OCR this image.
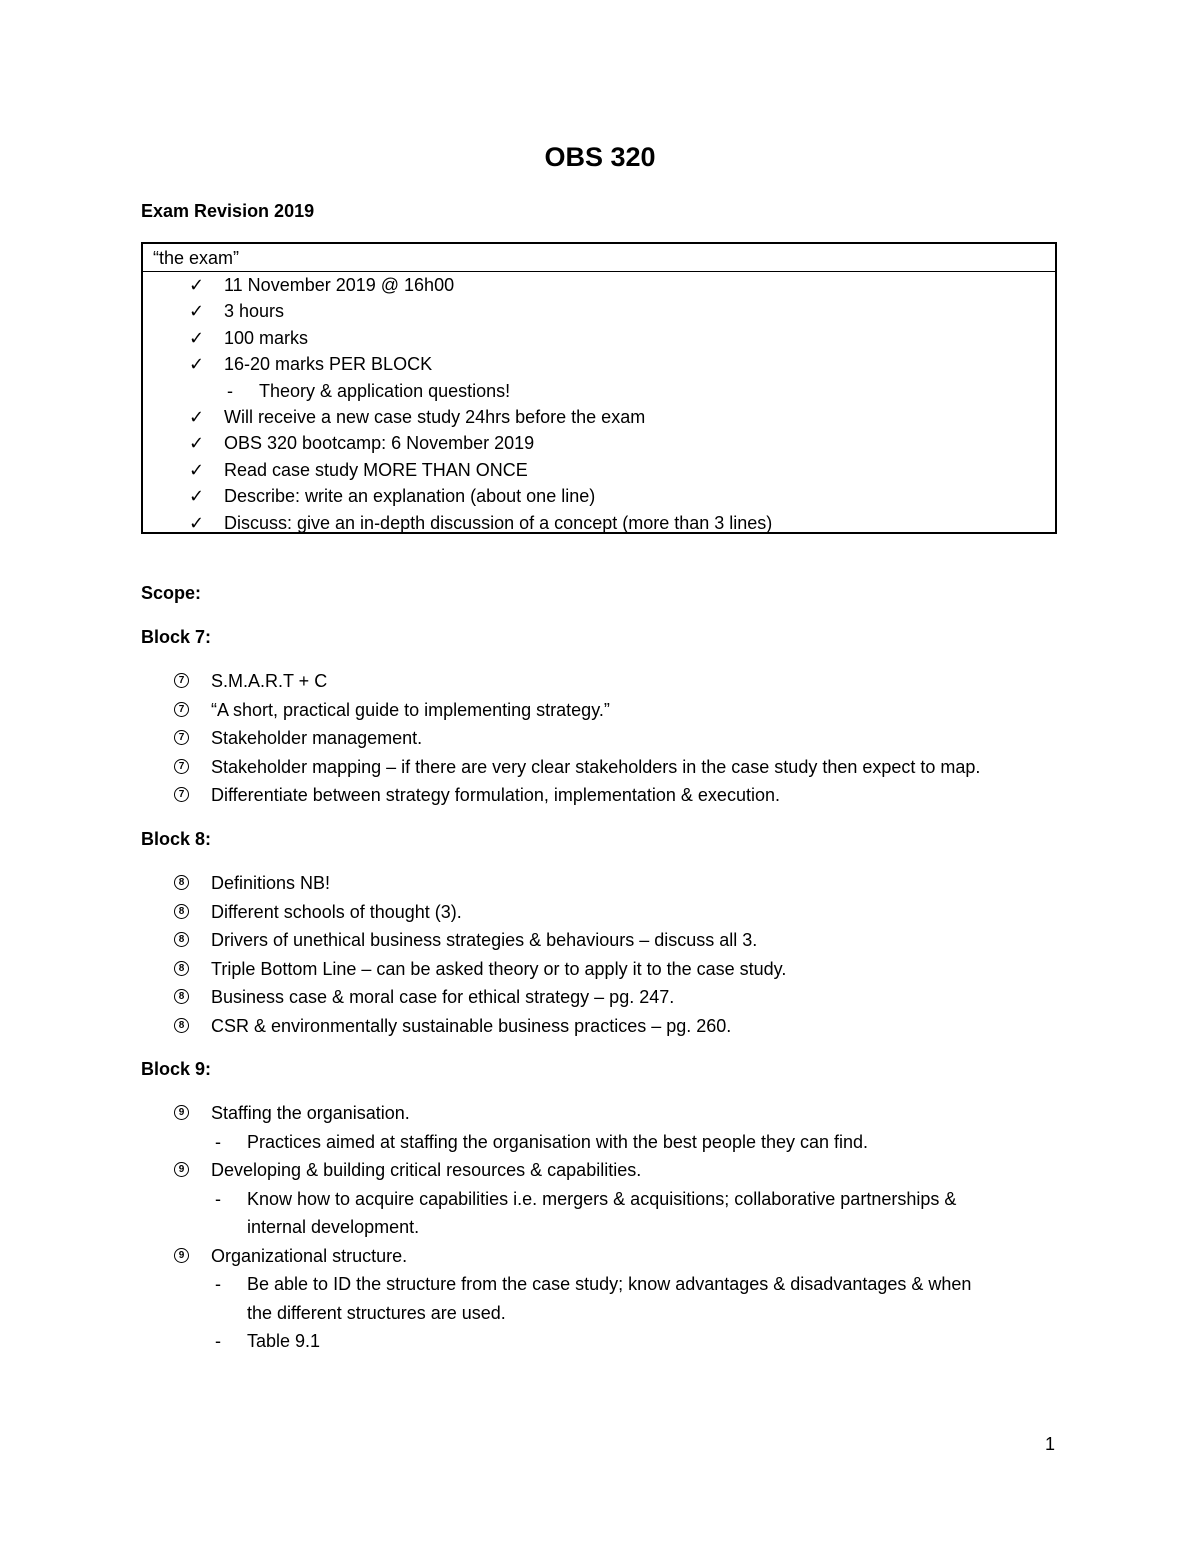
OBS 320
Exam Revision 2019
“the exam”
✓ 11 November 2019 @ 16h00
✓ 3 hours
✓ 100 marks
✓ 16-20 marks PER BLOCK
- Theory & application questions!
✓ Will receive a new case study 24hrs before the exam
✓ OBS 320 bootcamp: 6 November 2019
✓ Read case study MORE THAN ONCE
✓ Describe: write an explanation (about one line)
✓ Discuss: give an in-depth discussion of a concept (more than 3 lines)
Scope:
Block 7:
7 S.M.A.R.T + C
7 “A short, practical guide to implementing strategy.”
7 Stakeholder management.
7 Stakeholder mapping – if there are very clear stakeholders in the case study then expect to map.
7 Differentiate between strategy formulation, implementation & execution.
Block 8:
8 Definitions NB!
8 Different schools of thought (3).
8 Drivers of unethical business strategies & behaviours – discuss all 3.
8 Triple Bottom Line – can be asked theory or to apply it to the case study.
8 Business case & moral case for ethical strategy – pg. 247.
8 CSR & environmentally sustainable business practices – pg. 260.
Block 9:
9 Staffing the organisation.
- Practices aimed at staffing the organisation with the best people they can find.
9 Developing & building critical resources & capabilities.
- Know how to acquire capabilities i.e. mergers & acquisitions; collaborative partnerships &
internal development.
9 Organizational structure.
- Be able to ID the structure from the case study; know advantages & disadvantages & when
the different structures are used.
- Table 9.1
1
